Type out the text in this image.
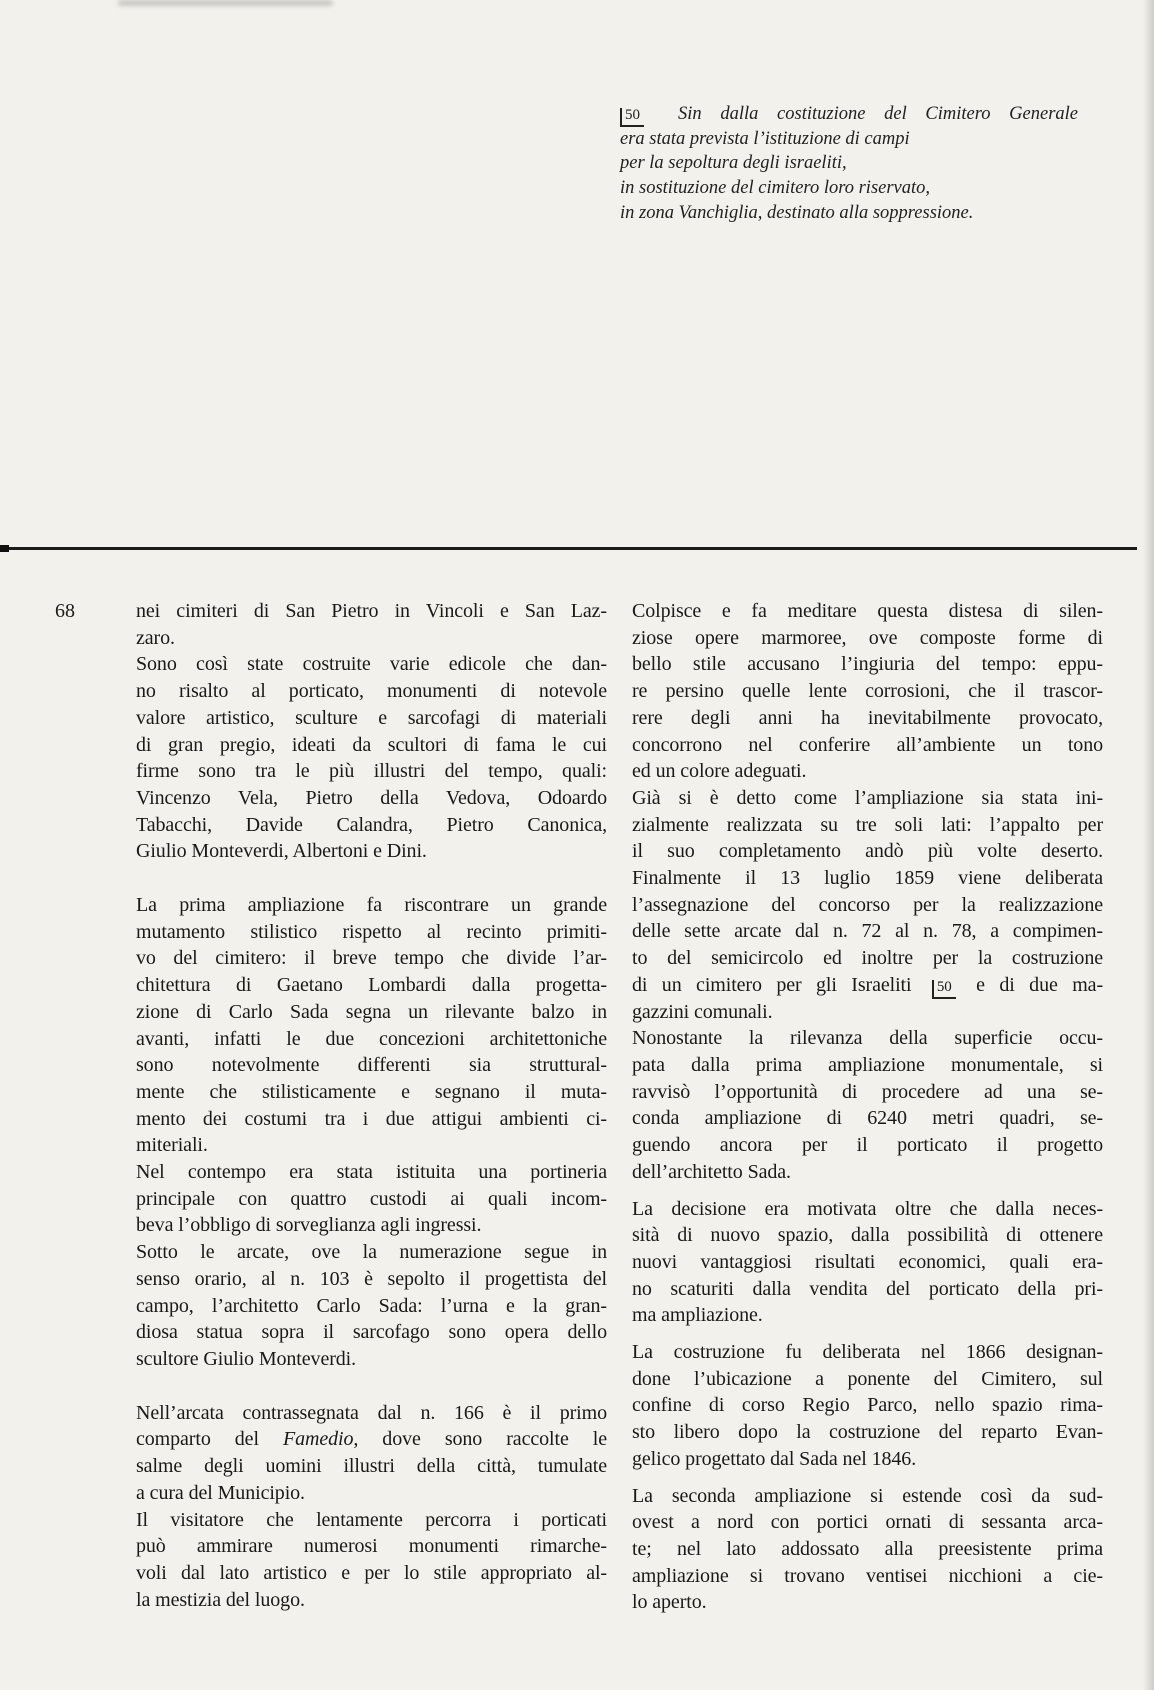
50 Sin dalla costituzione del Cimitero Generale
era stata prevista l’istituzione di campi
per la sepoltura degli israeliti,
in sostituzione del cimitero loro riservato,
in zona Vanchiglia, destinato alla soppressione.
68	nei cimiteri di San Pietro in Vincoli e San Laz-
zaro.
Sono così state costruite varie edicole che dan-
no risalto al porticato, monumenti di notevole
valore artistico, sculture e sarcofagi di materiali
di gran pregio, ideati da scultori di fama le cui
firme sono tra le più illustri del tempo, quali:
Vincenzo Vela, Pietro della Vedova, Odoardo
Tabacchi, Davide Calandra, Pietro Canonica,
Giulio Monteverdi, Albertoni e Dini.
La prima ampliazione fa riscontrare un grande
mutamento stilistico rispetto al recinto primiti-
vo del cimitero: il breve tempo che divide l’ar-
chitettura di Gaetano Lombardi dalla progetta-
zione di Carlo Sada segna un rilevante balzo in
avanti, infatti le due concezioni architettoniche
sono notevolmente differenti sia struttural-
mente che stilisticamente e segnano il muta-
mento dei costumi tra i due attigui ambienti ci-
miteriali.
Nel contempo era stata istituita una portineria
principale con quattro custodi ai quali incom-
beva l’obbligo di sorveglianza agli ingressi.
Sotto le arcate, ove la numerazione segue in
senso orario, al n. 103 è sepolto il progettista del
campo, l’architetto Carlo Sada: l’urna e la gran-
diosa statua sopra il sarcofago sono opera dello
scultore Giulio Monteverdi.
Nell’arcata contrassegnata dal n. 166 è il primo
comparto del Famedio, dove sono raccolte le
salme degli uomini illustri della città, tumulate
a cura del Municipio.
Il visitatore che lentamente percorra i porticati
può ammirare numerosi monumenti rimarche-
voli dal lato artistico e per lo stile appropriato al-
la mestizia del luogo.
Colpisce e fa meditare questa distesa di silen-
ziose opere marmoree, ove composte forme di
bello stile accusano l’ingiuria del tempo: eppu-
re persino quelle lente corrosioni, che il trascor-
rere degli anni ha inevitabilmente provocato,
concorrono nel conferire all’ambiente un tono
ed un colore adeguati.
Già si è detto come l’ampliazione sia stata ini-
zialmente realizzata su tre soli lati: l’appalto per
il suo completamento andò più volte deserto.
Finalmente il 13 luglio 1859 viene deliberata
l’assegnazione del concorso per la realizzazione
delle sette arcate dal n. 72 al n. 78, a compimen-
to del semicircolo ed inoltre per la costruzione
di un cimitero per gli Israeliti 50 e di due ma-
gazzini comunali.
Nonostante la rilevanza della superficie occu-
pata dalla prima ampliazione monumentale, si
ravvisò l’opportunità di procedere ad una se-
conda ampliazione di 6240 metri quadri, se-
guendo ancora per il porticato il progetto
dell’architetto Sada.
La decisione era motivata oltre che dalla neces-
sità di nuovo spazio, dalla possibilità di ottenere
nuovi vantaggiosi risultati economici, quali era-
no scaturiti dalla vendita del porticato della pri-
ma ampliazione.
La costruzione fu deliberata nel 1866 designan-
done l’ubicazione a ponente del Cimitero, sul
confine di corso Regio Parco, nello spazio rima-
sto libero dopo la costruzione del reparto Evan-
gelico progettato dal Sada nel 1846.
La seconda ampliazione si estende così da sud-
ovest a nord con portici ornati di sessanta arca-
te; nel lato addossato alla preesistente prima
ampliazione si trovano ventisei nicchioni a cie-
lo aperto.
